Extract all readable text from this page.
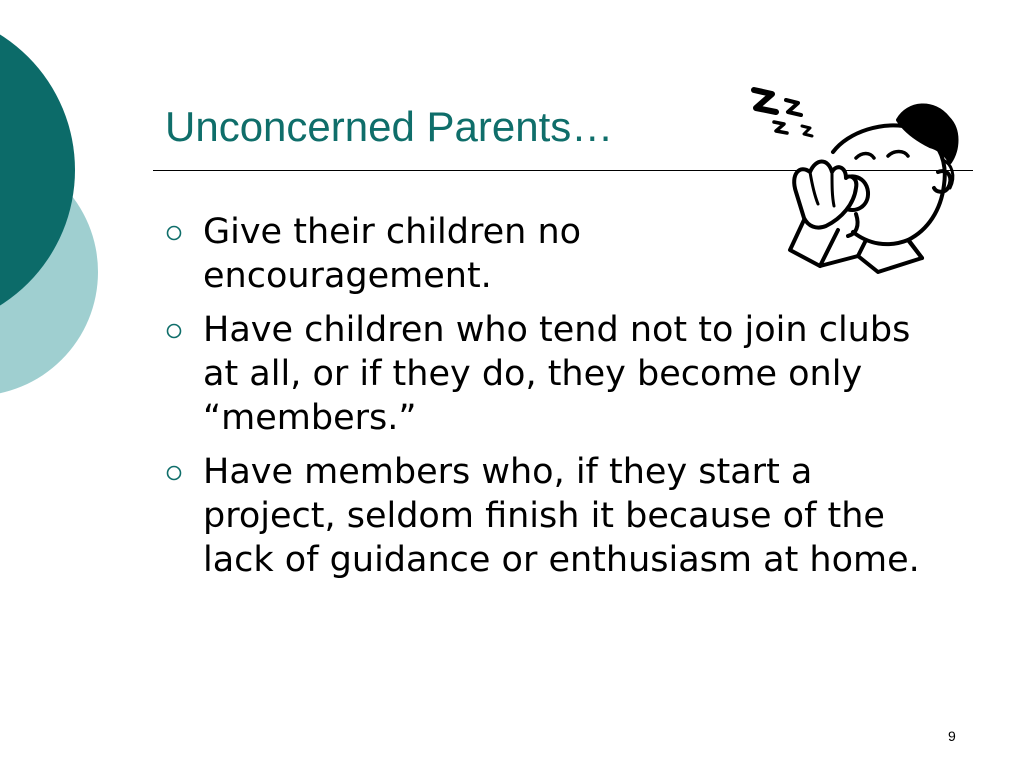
Unconcerned Parents…
Give their children no encouragement.
Have children who tend not to join clubs at all, or if they do, they become only “members.”
Have members who, if they start a project, seldom finish it because of the lack of guidance or enthusiasm at home.
9
